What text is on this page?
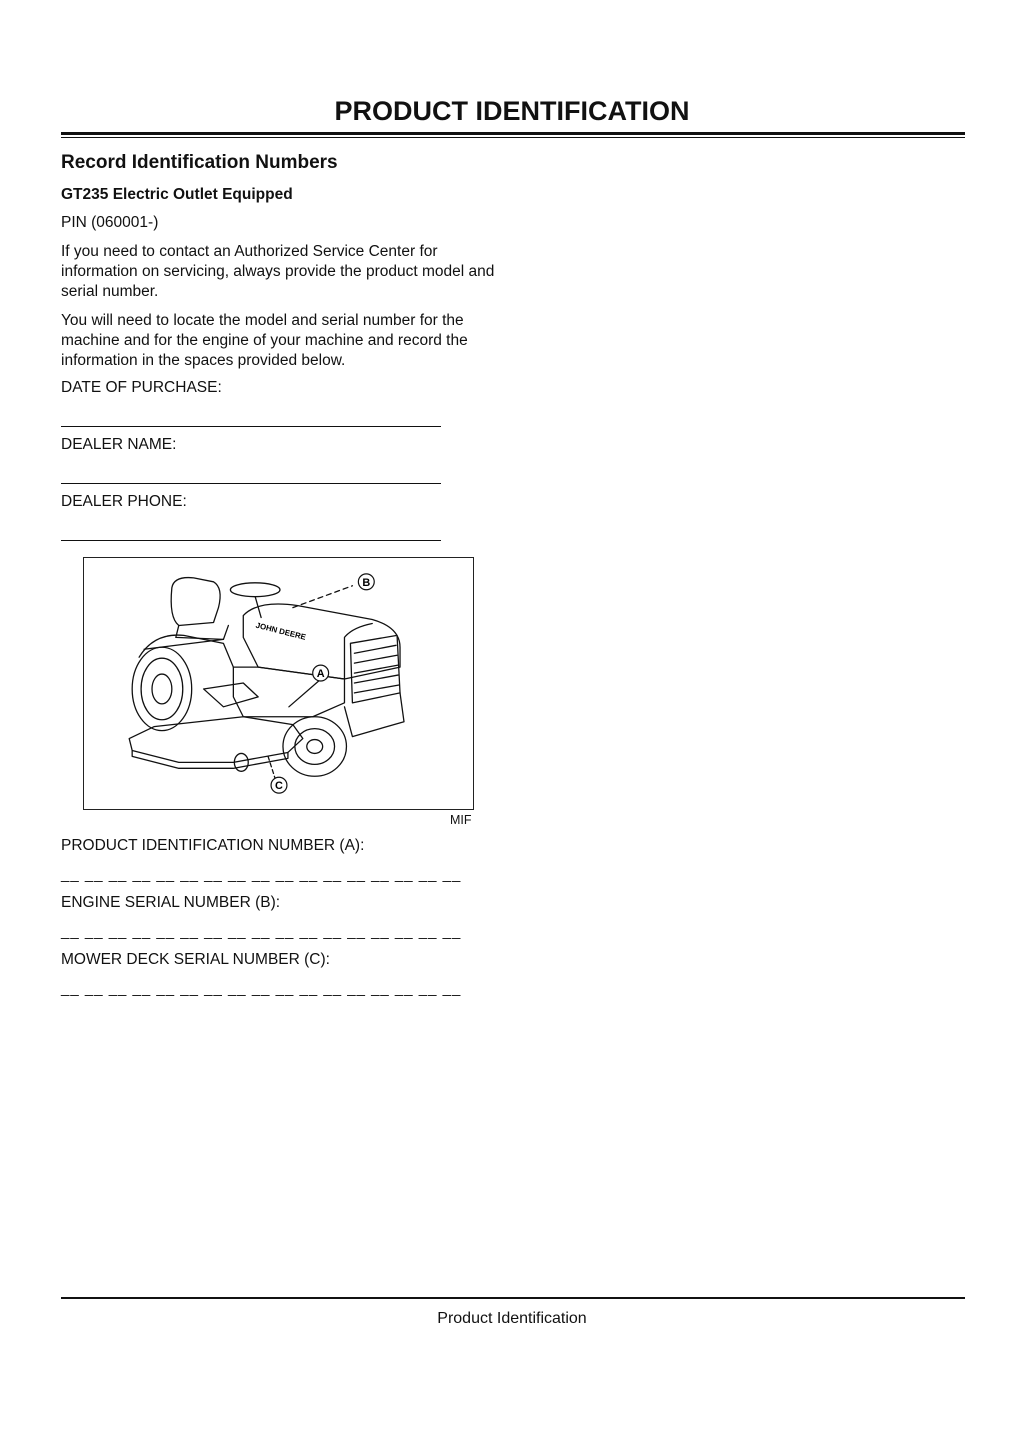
PRODUCT IDENTIFICATION
Record Identification Numbers
GT235 Electric Outlet Equipped
PIN (060001-)

If you need to contact an Authorized Service Center for information on servicing, always provide the product model and serial number.

You will need to locate the model and serial number for the machine and for the engine of your machine and record the information in the spaces provided below.

DATE OF PURCHASE:
DEALER NAME:
DEALER PHONE:
JOHN DEERE
B
A
C
MIF
PRODUCT IDENTIFICATION NUMBER (A):
__ __ __ __ __ __ __ __ __ __ __ __ __ __ __ __ __
ENGINE SERIAL NUMBER (B):
__ __ __ __ __ __ __ __ __ __ __ __ __ __ __ __ __
MOWER DECK SERIAL NUMBER (C):
__ __ __ __ __ __ __ __ __ __ __ __ __ __ __ __ __
Product Identification
